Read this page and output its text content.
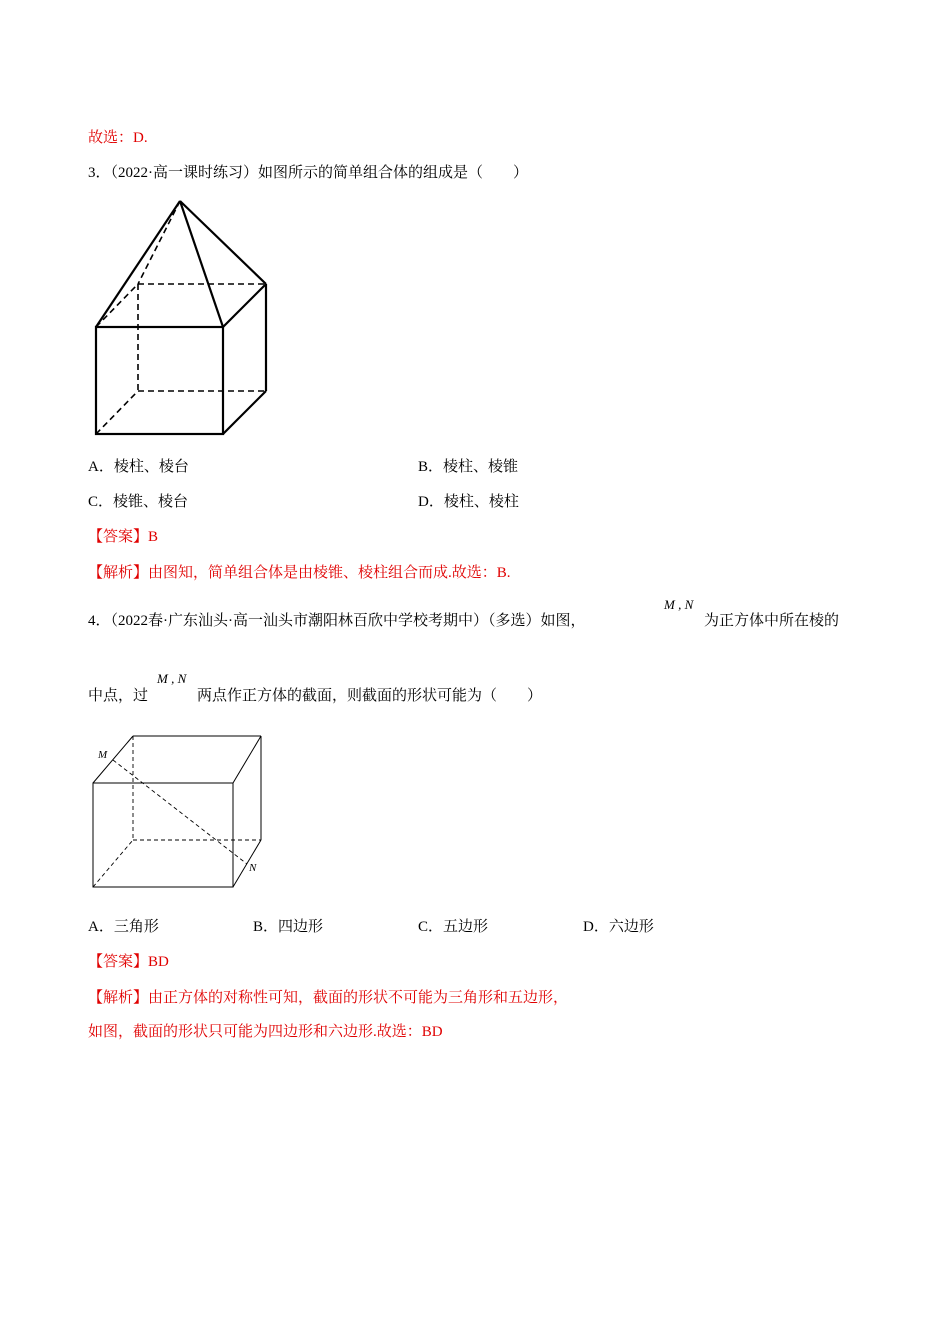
故选：D.
3．（2022·高一课时练习）如图所示的简单组合体的组成是（　　）
A．棱柱、棱台	B．棱柱、棱锥
C．棱锥、棱台	D．棱柱、棱柱
【答案】B
【解析】由图知，简单组合体是由棱锥、棱柱组合而成.故选：B.
M , N
4．（2022春·广东汕头·高一汕头市潮阳林百欣中学校考期中）（多选）如图，	为正方体中所在棱的
M , N
中点，过	两点作正方体的截面，则截面的形状可能为（　　）
M
N
A．三角形	B．四边形	C．五边形	D．六边形
【答案】BD
【解析】由正方体的对称性可知，截面的形状不可能为三角形和五边形，
如图，截面的形状只可能为四边形和六边形.故选：BD
